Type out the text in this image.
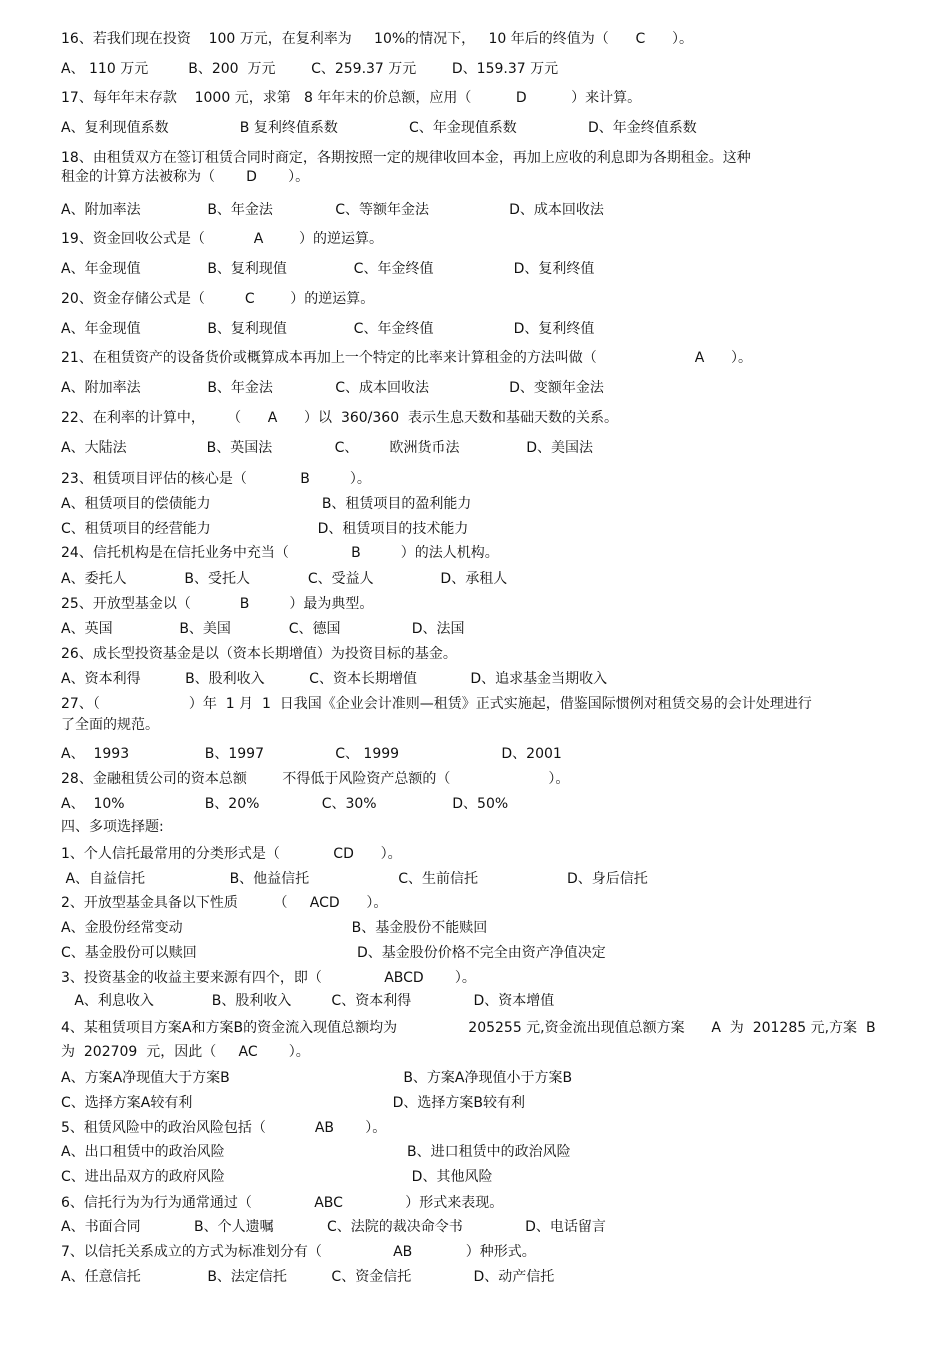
16、若我们现在投资    100 万元，在复利率为     10%的情况下，   10 年后的终值为（      C      ）。
A、 110 万元         B、200  万元        C、259.37 万元        D、159.37 万元
17、每年年末存款    1000 元，求第   8 年年末的价总额，应用（          D          ）来计算。
A、复利现值系数                B 复利终值系数                C、年金现值系数                D、年金终值系数
18、由租赁双方在签订租赁合同时商定，各期按照一定的规律收回本金，再加上应收的利息即为各期租金。这种
租金的计算方法被称为（       D       ）。
A、附加率法               B、年金法              C、等额年金法                  D、成本回收法
19、资金回收公式是（           A        ）的逆运算。
A、年金现值               B、复利现值               C、年金终值                  D、复利终值
20、资金存储公式是（         C        ）的逆运算。
A、年金现值               B、复利现值               C、年金终值                  D、复利终值
21、在租赁资产的设备货价或概算成本再加上一个特定的比率来计算租金的方法叫做（                      A      ）。
A、附加率法               B、年金法              C、成本回收法                  D、变额年金法
22、在利率的计算中，     （      A      ）以  360/360  表示生息天数和基础天数的关系。
A、大陆法                  B、英国法              C、       欧洲货币法               D、美国法
23、租赁项目评估的核心是（            B         ）。
A、租赁项目的偿债能力                         B、租赁项目的盈利能力
C、租赁项目的经营能力                        D、租赁项目的技术能力
24、信托机构是在信托业务中充当（              B         ）的法人机构。
A、委托人             B、受托人             C、受益人               D、承租人
25、开放型基金以（           B         ）最为典型。
A、英国               B、美国             C、德国                D、法国
26、成长型投资基金是以（资本长期增值）为投资目标的基金。
A、资本利得          B、股利收入          C、资本长期增值            D、追求基金当期收入
27、（                    ）年  1 月  1  日我国《企业会计准则—租赁》正式实施起，借鉴国际惯例对租赁交易的会计处理进行
了全面的规范。
A、  1993                 B、1997                C、 1999                       D、2001
28、金融租赁公司的资本总额        不得低于风险资产总额的（                      ）。
A、  10%                  B、20%              C、30%                 D、50%
四、多项选择题:
1、个人信托最常用的分类形式是（            CD      ）。
A、自益信托                   B、他益信托                    C、生前信托                    D、身后信托
2、开放型基金具备以下性质        （     ACD      ）。
A、金股份经常变动                                      B、基金股份不能赎回
C、基金股份可以赎回                                    D、基金股份价格不完全由资产净值决定
3、投资基金的收益主要来源有四个，即（              ABCD       ）。
A、利息收入             B、股利收入         C、资本利得              D、资本增值
4、某租赁项目方案A和方案B的资金流入现值总额均为                205255 元,资金流出现值总额方案      A  为  201285 元,方案  B
为  202709  元，因此（     AC       ）。
A、方案A净现值大于方案B                                       B、方案A净现值小于方案B
C、选择方案A较有利                                             D、选择方案B较有利
5、租赁风险中的政治风险包括（           AB       ）。
A、出口租赁中的政治风险                                         B、进口租赁中的政治风险
C、进出品双方的政府风险                                          D、其他风险
6、信托行为为行为通常通过（              ABC              ）形式来表现。
A、书面合同            B、个人遗嘱            C、法院的裁决命令书              D、电话留言
7、以信托关系成立的方式为标准划分有（                AB            ）种形式。
A、任意信托               B、法定信托          C、资金信托              D、动产信托
